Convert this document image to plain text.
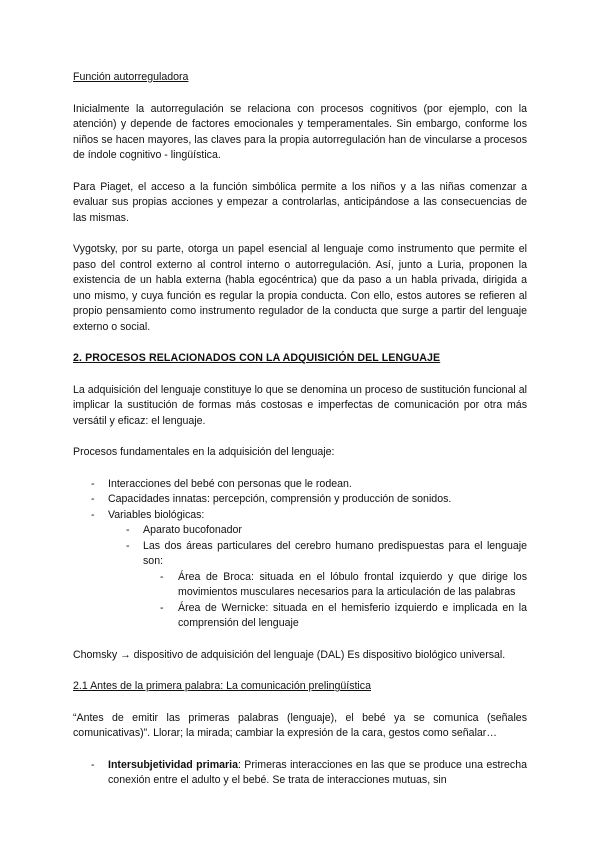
Función autorreguladora

Inicialmente la autorregulación se relaciona con procesos cognitivos (por ejemplo, con la atención) y depende de factores emocionales y temperamentales. Sin embargo, conforme los niños se hacen mayores, las claves para la propia autorregulación han de vincularse a procesos de índole cognitivo - lingüística.

Para Piaget, el acceso a la función simbólica permite a los niños y a las niñas comenzar a evaluar sus propias acciones y empezar a controlarlas, anticipándose a las consecuencias de las mismas.

Vygotsky, por su parte, otorga un papel esencial al lenguaje como instrumento que permite el paso del control externo al control interno o autorregulación. Así, junto a Luria, proponen la existencia de un habla externa (habla egocéntrica) que da paso a un habla privada, dirigida a uno mismo, y cuya función es regular la propia conducta. Con ello, estos autores se refieren al propio pensamiento como instrumento regulador de la conducta que surge a partir del lenguaje externo o social.

2. PROCESOS RELACIONADOS CON LA ADQUISICIÓN DEL LENGUAJE

La adquisición del lenguaje constituye lo que se denomina un proceso de sustitución funcional al implicar la sustitución de formas más costosas e imperfectas de comunicación por otra más versátil y eficaz: el lenguaje.

Procesos fundamentales en la adquisición del lenguaje:

- Interacciones del bebé con personas que le rodean.
- Capacidades innatas: percepción, comprensión y producción de sonidos.
- Variables biológicas:
- Aparato bucofonador
- Las dos áreas particulares del cerebro humano predispuestas para el lenguaje son:
- Área de Broca: situada en el lóbulo frontal izquierdo y que dirige los movimientos musculares necesarios para la articulación de las palabras
- Área de Wernicke: situada en el hemisferio izquierdo e implicada en la comprensión del lenguaje

Chomsky → dispositivo de adquisición del lenguaje (DAL) Es dispositivo biológico universal.

2.1 Antes de la primera palabra: La comunicación prelingüística

“Antes de emitir las primeras palabras (lenguaje), el bebé ya se comunica (señales comunicativas)”. Llorar; la mirada; cambiar la expresión de la cara, gestos como señalar…

- Intersubjetividad primaria: Primeras interacciones en las que se produce una estrecha conexión entre el adulto y el bebé. Se trata de interacciones mutuas, sin
